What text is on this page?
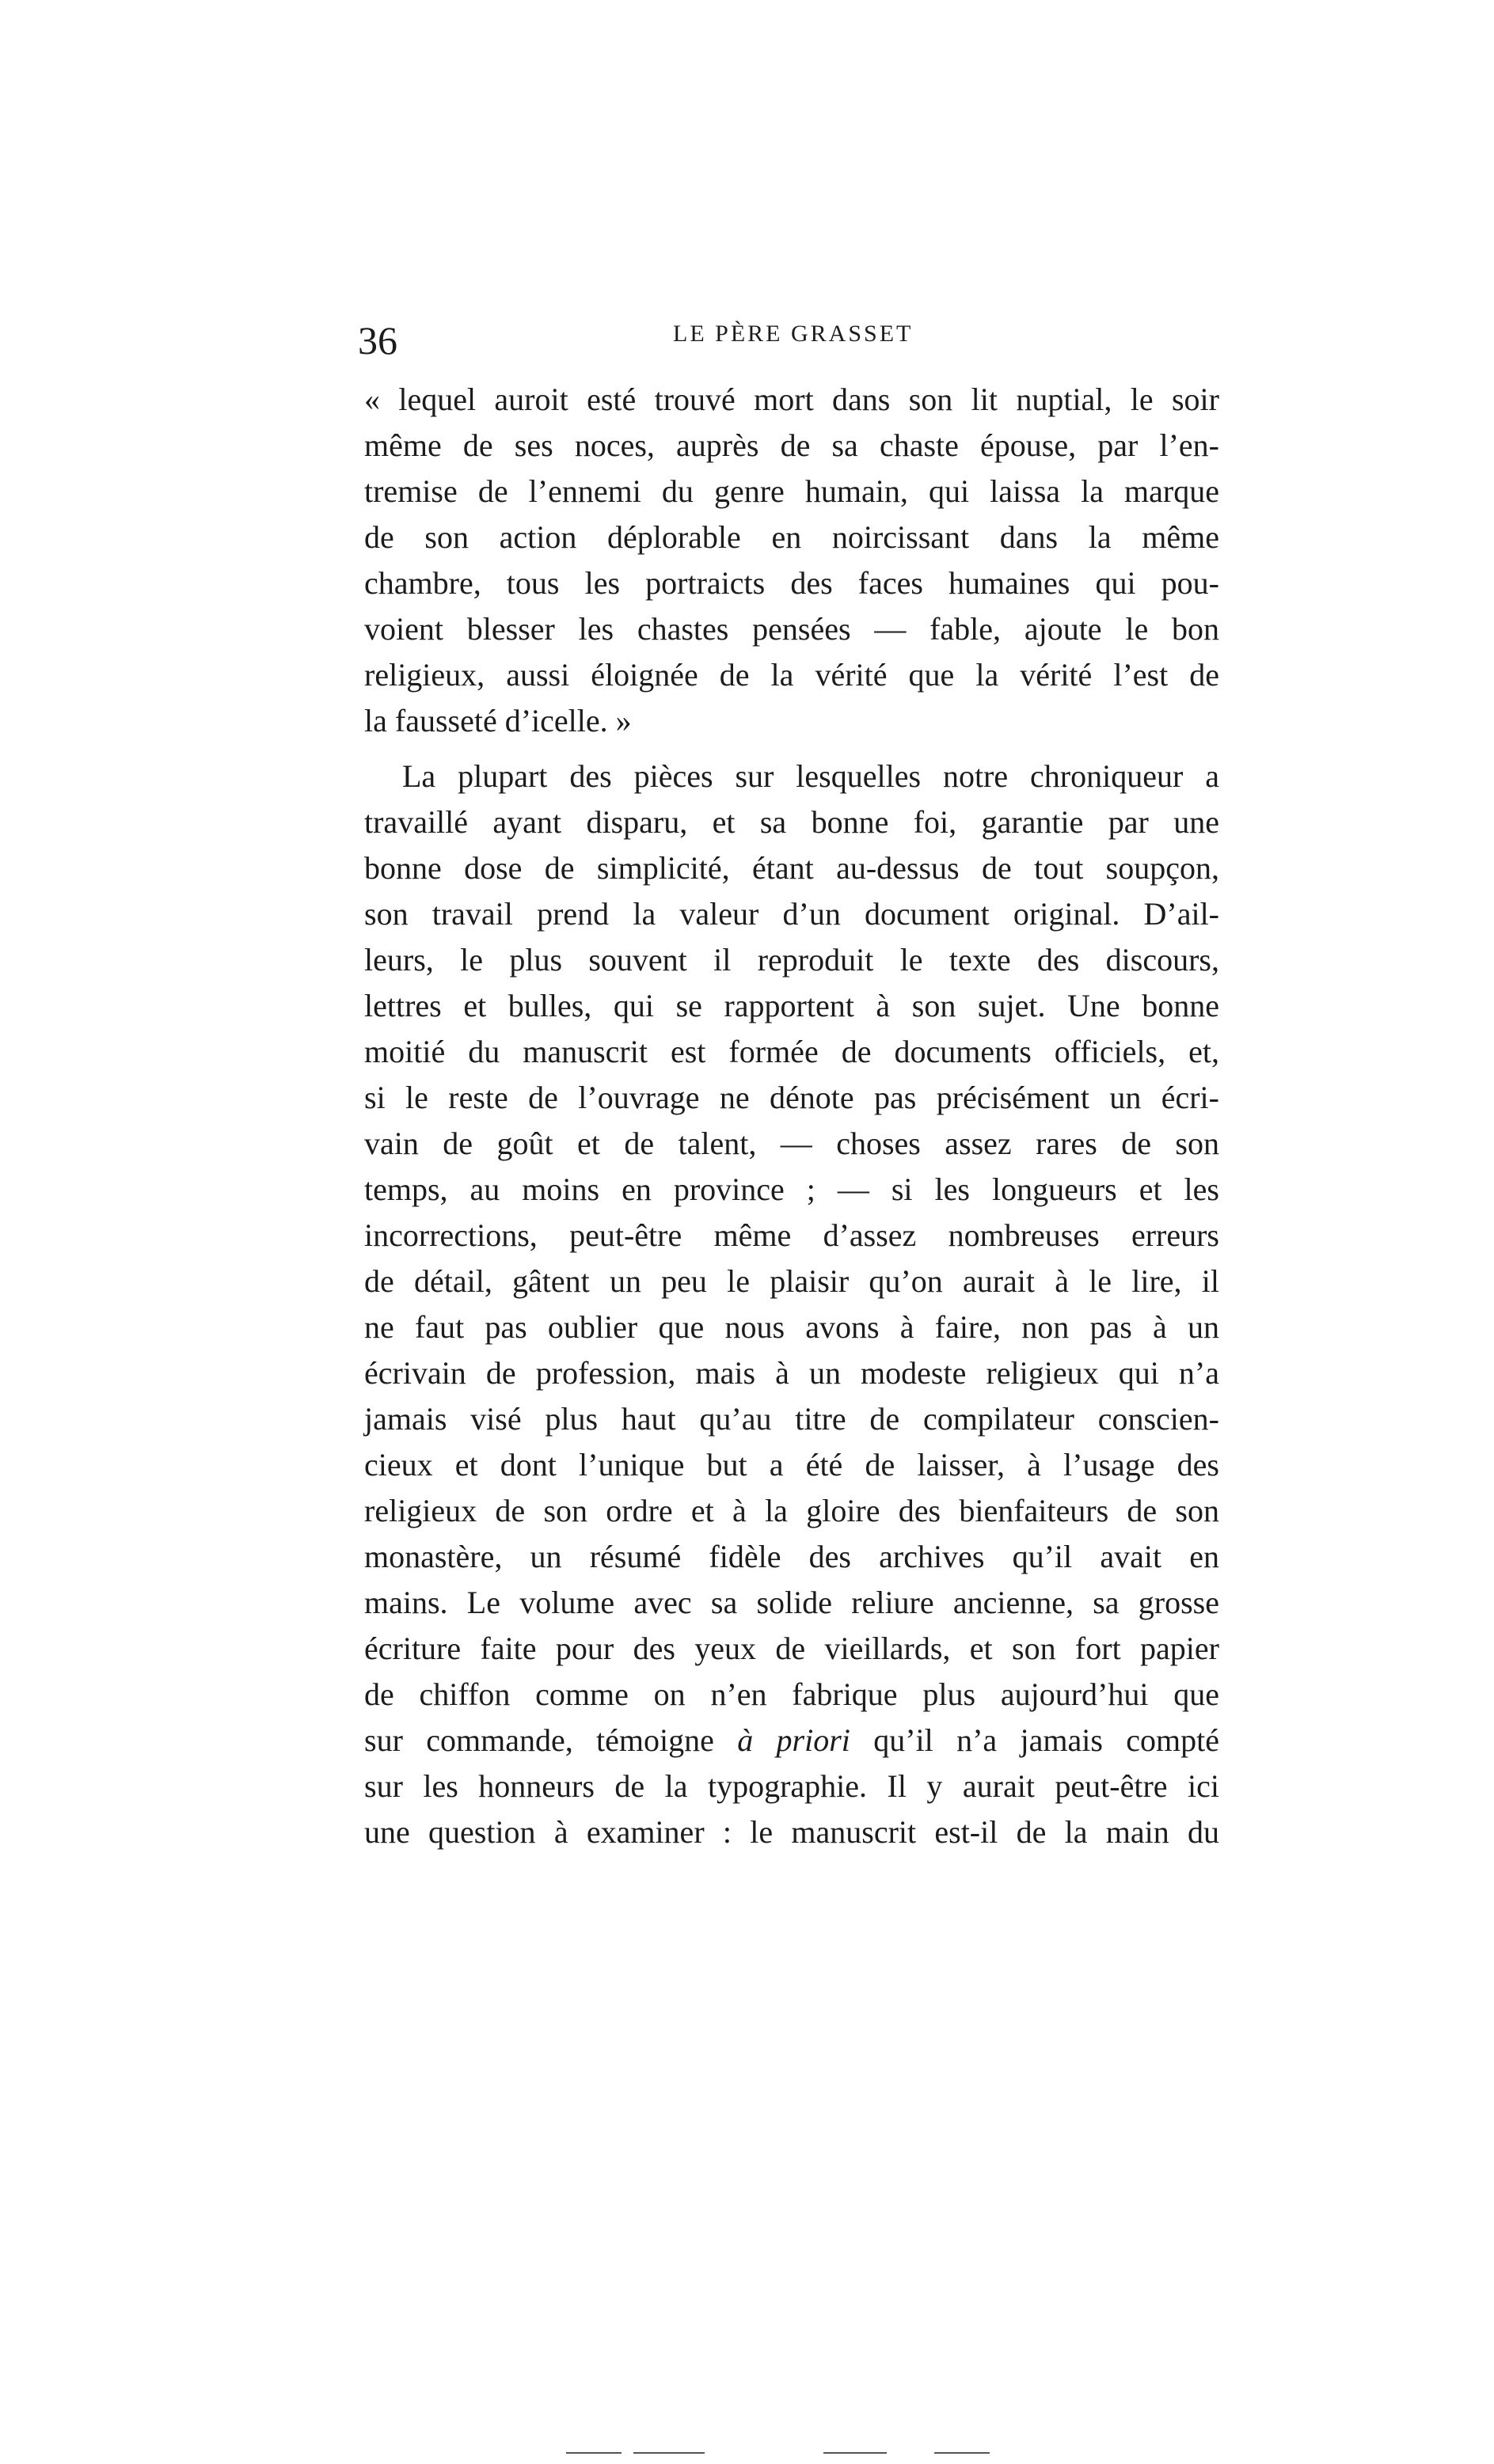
36	LE PÈRE GRASSET
« lequel auroit esté trouvé mort dans son lit nuptial, le soir
même de ses noces, auprès de sa chaste épouse, par l’en-
tremise de l’ennemi du genre humain, qui laissa la marque
de son action déplorable en noircissant dans la même
chambre, tous les portraicts des faces humaines qui pou-
voient blesser les chastes pensées — fable, ajoute le bon
religieux, aussi éloignée de la vérité que la vérité l’est de
la fausseté d’icelle. »
La plupart des pièces sur lesquelles notre chroniqueur a
travaillé ayant disparu, et sa bonne foi, garantie par une
bonne dose de simplicité, étant au-dessus de tout soupçon,
son travail prend la valeur d’un document original. D’ail-
leurs, le plus souvent il reproduit le texte des discours,
lettres et bulles, qui se rapportent à son sujet. Une bonne
moitié du manuscrit est formée de documents officiels, et,
si le reste de l’ouvrage ne dénote pas précisément un écri-
vain de goût et de talent, — choses assez rares de son
temps, au moins en province ; — si les longueurs et les
incorrections, peut-être même d’assez nombreuses erreurs
de détail, gâtent un peu le plaisir qu’on aurait à le lire, il
ne faut pas oublier que nous avons à faire, non pas à un
écrivain de profession, mais à un modeste religieux qui n’a
jamais visé plus haut qu’au titre de compilateur conscien-
cieux et dont l’unique but a été de laisser, à l’usage des
religieux de son ordre et à la gloire des bienfaiteurs de son
monastère, un résumé fidèle des archives qu’il avait en
mains. Le volume avec sa solide reliure ancienne, sa grosse
écriture faite pour des yeux de vieillards, et son fort papier
de chiffon comme on n’en fabrique plus aujourd’hui que
sur commande, témoigne à priori qu’il n’a jamais compté
sur les honneurs de la typographie. Il y aurait peut-être ici
une question à examiner : le manuscrit est-il de la main du
